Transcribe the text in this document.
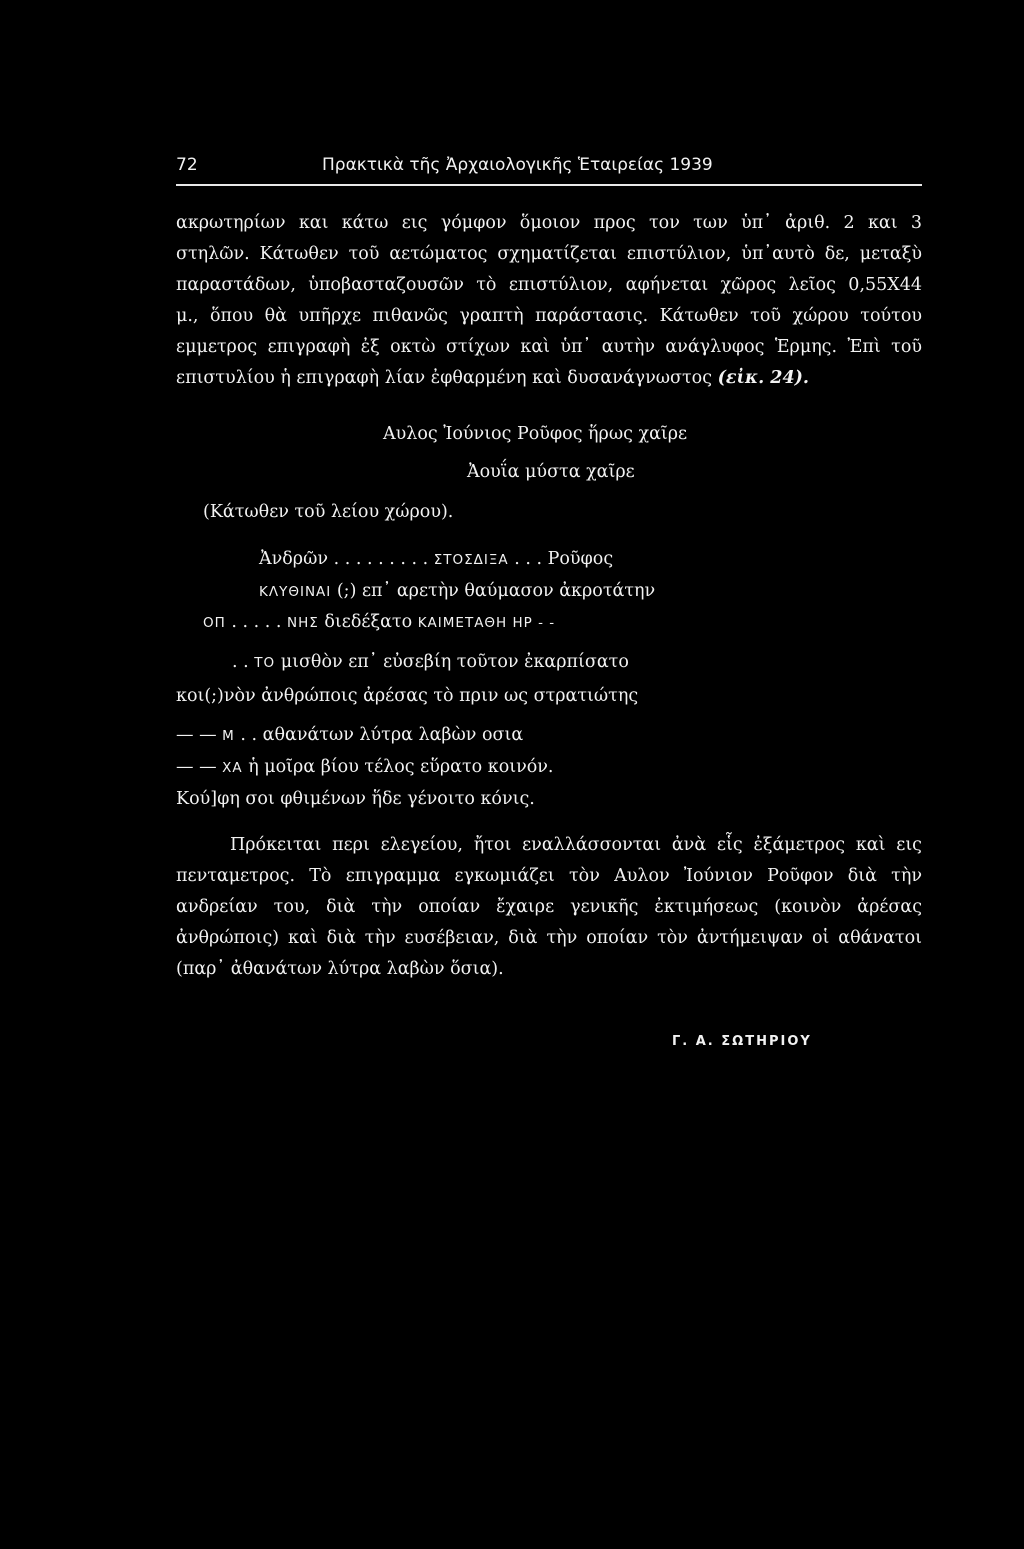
72	Πρακτικὰ τῆς Ἀρχαιολογικῆς Ἑταιρείας 1939
ακρωτηρίων και κάτω εις γόμφον ὅμοιον προς τον των ὑπ᾽ ἀριθ. 2 και 3
στηλῶν. Κάτωθεν τοῦ αετώματος σχηματίζεται επιστύλιον, ὑπ᾽αυτὸ δε, μεταξὺ
παραστάδων, ὑποβασταζουσῶν τὸ επιστύλιον, αφήνεται χῶρος λεῖος 0,55X44
μ., ὅπου θὰ υπῆρχε πιθανῶς γραπτὴ παράστασις. Κάτωθεν τοῦ χώρου τούτου
εμμετρος επιγραφὴ ἐξ οκτὼ στίχων καὶ ὑπ᾽ αυτὴν ανάγλυφος Ἑρμης. Ἐπὶ τοῦ
επιστυλίου ἡ επιγραφὴ λίαν ἐφθαρμένη καὶ δυσανάγνωστος (εἰκ. 24).
Αυλος Ἰούνιος Ροῦφος ἥρως χαῖρε
Ἀουΐα μύστα χαῖρε
(Κάτωθεν τοῦ λείου χώρου).
Ἀνδρῶν . . . . . . . . . ΣΤΟΣΔΙΞΑ . . . Ροῦφος
ΚΛΥΘΙΝΑΙ (;) επ᾽ αρετὴν θαύμασον ἀκροτάτην
ΟΠ . . . . . ΝΗΣ διεδέξατο ΚΑΙΜΕΤΑΘΗ ΗΡ - -
. . ΤΟ μισθὸν επ᾽ εὐσεβίη τοῦτον ἐκαρπίσατο
κοι(;)νὸν ἀνθρώποις ἀρέσας τὸ πριν ως στρατιώτης
— — Μ . . αθανάτων λύτρα λαβὼν οσια
— — ΧΑ ἡ μοῖρα βίου τέλος εὕρατο κοινόν.
Κού]φη σοι φθιμένων ἥδε γένοιτο κόνις.
Πρόκειται περι ελεγείου, ἤτοι εναλλάσσονται ἀνὰ εἷς ἐξάμετρος καὶ εις
πενταμετρος. Τὸ επιγραμμα εγκωμιάζει τὸν Αυλον Ἰούνιον Ροῦφον διὰ τὴν
ανδρείαν του, διὰ τὴν οποίαν ἔχαιρε γενικῆς ἐκτιμήσεως (κοινὸν ἀρέσας
ἀνθρώποις) καὶ διὰ τὴν ευσέβειαν, διὰ τὴν οποίαν τὸν ἀντήμειψαν οἱ αθάνατοι
(παρ᾽ ἀθανάτων λύτρα λαβὼν ὅσια).
Γ. Α. ΣΩΤΗΡΙΟΥ
